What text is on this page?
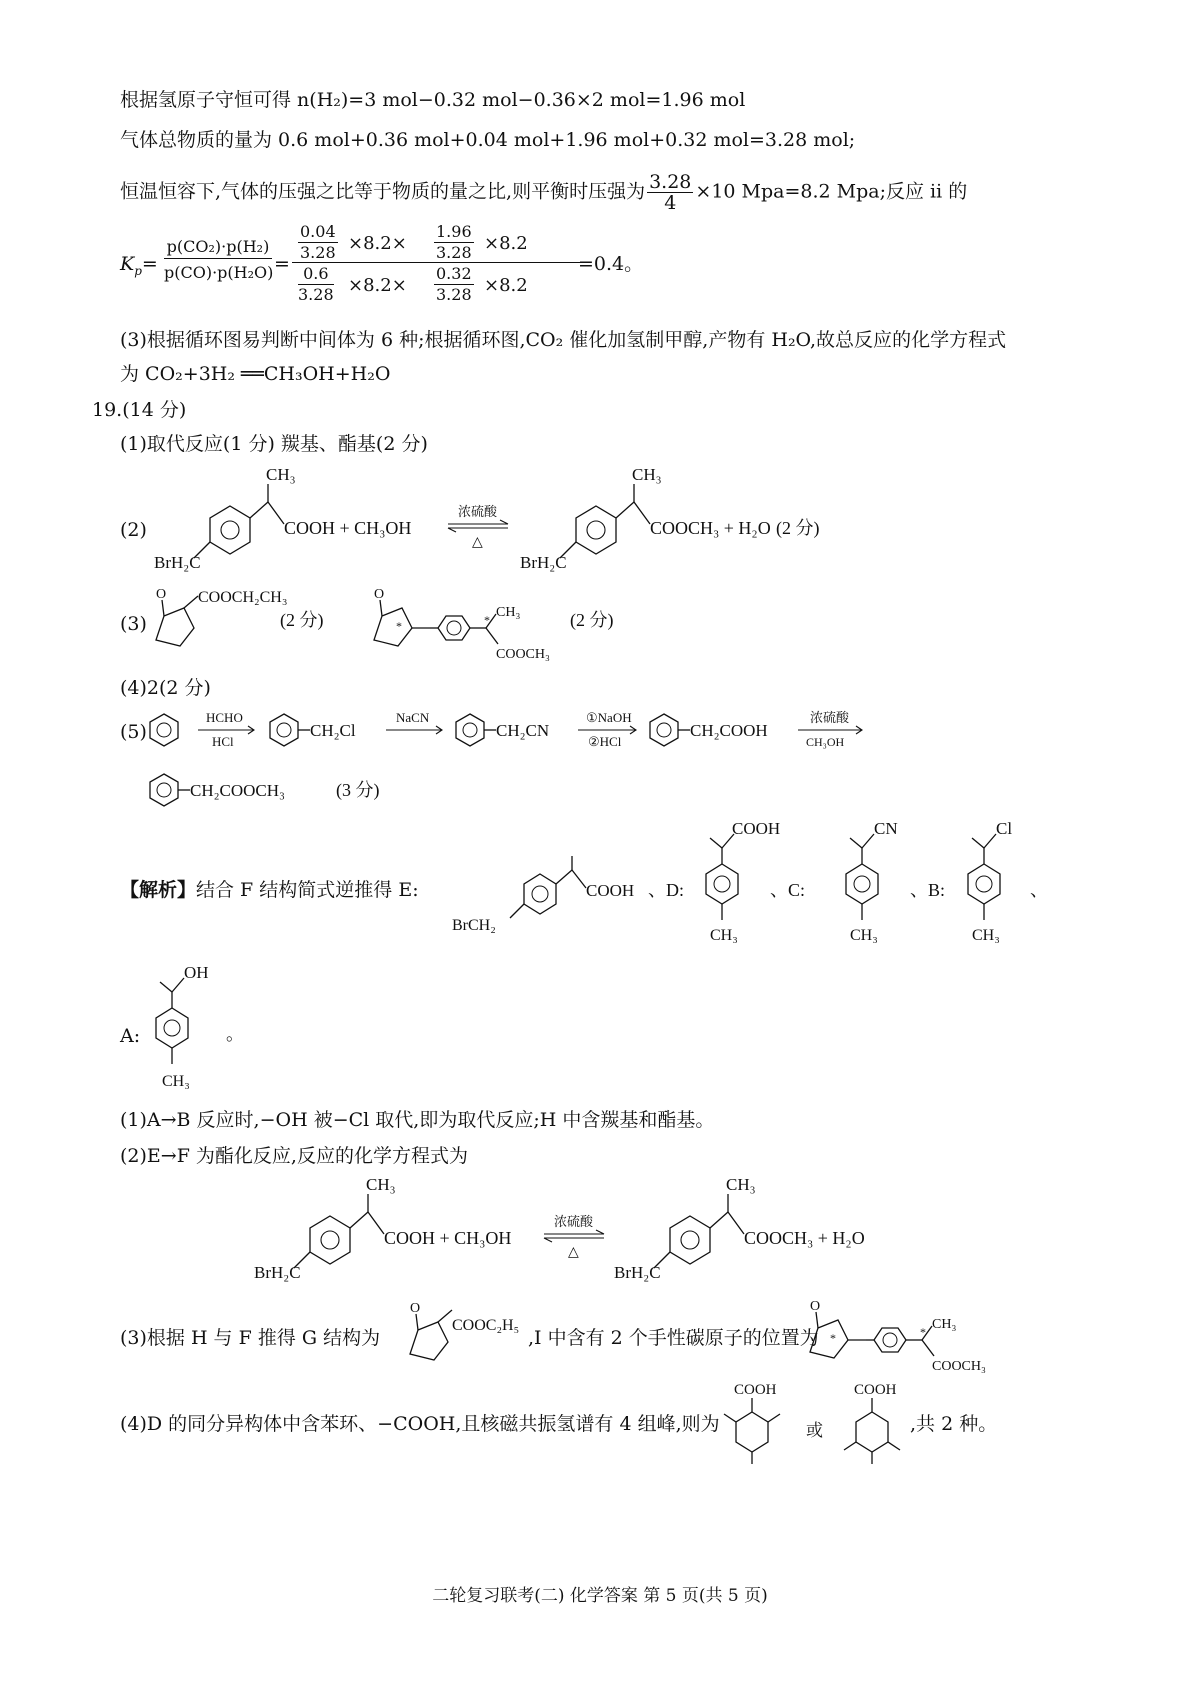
根据氢原子守恒可得 n(H₂)=3 mol−0.32 mol−0.36×2 mol=1.96 mol
气体总物质的量为 0.6 mol+0.36 mol+0.04 mol+1.96 mol+0.32 mol=3.28 mol;
恒温恒容下,气体的压强之比等于物质的量之比,则平衡时压强为 $\frac{3.28}{4} \times 10$ Mpa=8.2 Mpa;反应 ⅱ 的
$K_p=$
p(CO₂)·p(H₂)
$p(CO)\cdot p(H_2O) = \frac{\frac{0.04}{3.28} \times 8.2\times \frac{1.96}{3.28} \times 8.2}{\frac{0.6}{3.28} \times 8.2\times \frac{0.32}{3.28} \times 8.2}$
=0.4。
(3)根据循环图易判断中间体为 6 种;根据循环图,CO₂ 催化加氢制甲醇,产物有 H₂O,故总反应的化学方程式
为 CO₂+3H₂ ══CH₃OH+H₂O
19.(14 分)
(1)取代反应(1 分) 羰基、酯基(2 分)
(2)
CH₃
COOH + CH₃OH
BrH₂C
浓硫酸
△
CH₃
COOCH₃ + H₂O
BrH₂C
(2 分)
(3)
O COOCH₂CH₃
(2 分)
O
*	* CH₃
COOCH₃
(2 分)
(4)2(2 分)
(5)
HCHO
HCl
CH₂Cl
NaCN
CH₂CN
①NaOH
②HCl
CH₂COOH
浓硫酸
CH₃OH
CH₂COOCH₃	(3 分)
【解析】结合 F 结构简式逆推得 E:	COOH
BrCH₂
、D:
COOH
CH₃
、C:
CN
CH₃
、B:
Cl
CH₃
、
A:
OH
CH₃
。
(1)A→B 反应时,−OH 被−Cl 取代,即为取代反应;H 中含羰基和酯基。
(2)E→F 为酯化反应,反应的化学方程式为
CH₃
COOH + CH₃OH
BrH₂C
浓硫酸
△
CH₃
COOCH₃ + H₂O
BrH₂C
(3)根据 H 与 F 推得 G 结构为
O
COOC₂H₅
,I 中含有 2 个手性碳原子的位置为
O
*	* CH₃
COOCH₃
(4)D 的同分异构体中含苯环、−COOH,且核磁共振氢谱有 4 组峰,则为
COOH
或
COOH
,共 2 种。
二轮复习联考(二) 化学答案 第 5 页(共 5 页)
